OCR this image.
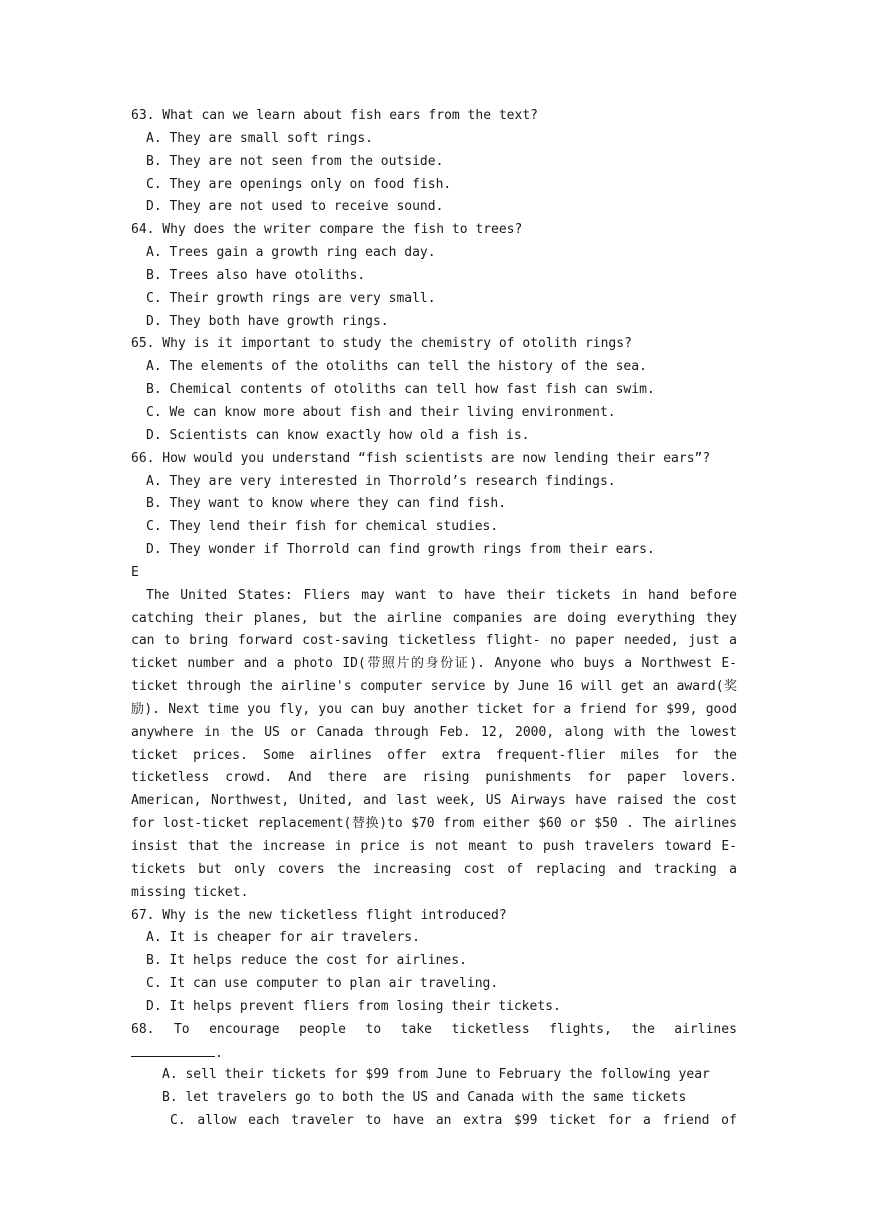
63. What can we learn about fish ears from the text?
A. They are small soft rings.
B. They are not seen from the outside.
C. They are openings only on food fish.
D. They are not used to receive sound.
64. Why does the writer compare the fish to trees?
A. Trees gain a growth ring each day.
B. Trees also have otoliths.
C. Their growth rings are very small.
D. They both have growth rings.
65. Why is it important to study the chemistry of otolith rings?
A. The elements of the otoliths can tell the history of the sea.
B. Chemical contents of otoliths can tell how fast fish can swim.
C. We can know more about fish and their living environment.
D. Scientists can know exactly how old a fish is.
66. How would you understand “fish scientists are now lending their ears”?
A. They are very interested in Thorrold’s research findings.
B. They want to know where they can find fish.
C. They lend their fish for chemical studies.
D. They wonder if Thorrold can find growth rings from their ears.
E

The United States: Fliers may want to have their tickets in hand before catching their planes, but the airline companies are doing everything they can to bring forward cost-saving ticketless flight- no paper needed, just a ticket number and a photo ID(带照片的身份证). Anyone who buys a Northwest E-ticket through the airline's computer service by June 16 will get an award(奖励). Next time you fly, you can buy another ticket for a friend for $99, good anywhere in the US or Canada through Feb. 12, 2000, along with the lowest ticket prices. Some airlines offer extra frequent-flier miles for the ticketless crowd. And there are rising punishments for paper lovers. American, Northwest, United, and last week, US Airways have raised the cost for lost-ticket replacement(替换)to $70 from either $60 or $50 . The airlines insist that the increase in price is not meant to push travelers toward E-tickets but only covers the increasing cost of replacing and tracking a missing ticket.

67. Why is the new ticketless flight introduced?
A. It is cheaper for air travelers.
B. It helps reduce the cost for airlines.
C. It can use computer to plan air traveling.
D. It helps prevent fliers from losing their tickets.
68. To encourage people to take ticketless flights, the airlines
.
A. sell their tickets for $99 from June to February the following year
B. let travelers go to both the US and Canada with the same tickets
C. allow each traveler to have an extra $99 ticket for a friend of
